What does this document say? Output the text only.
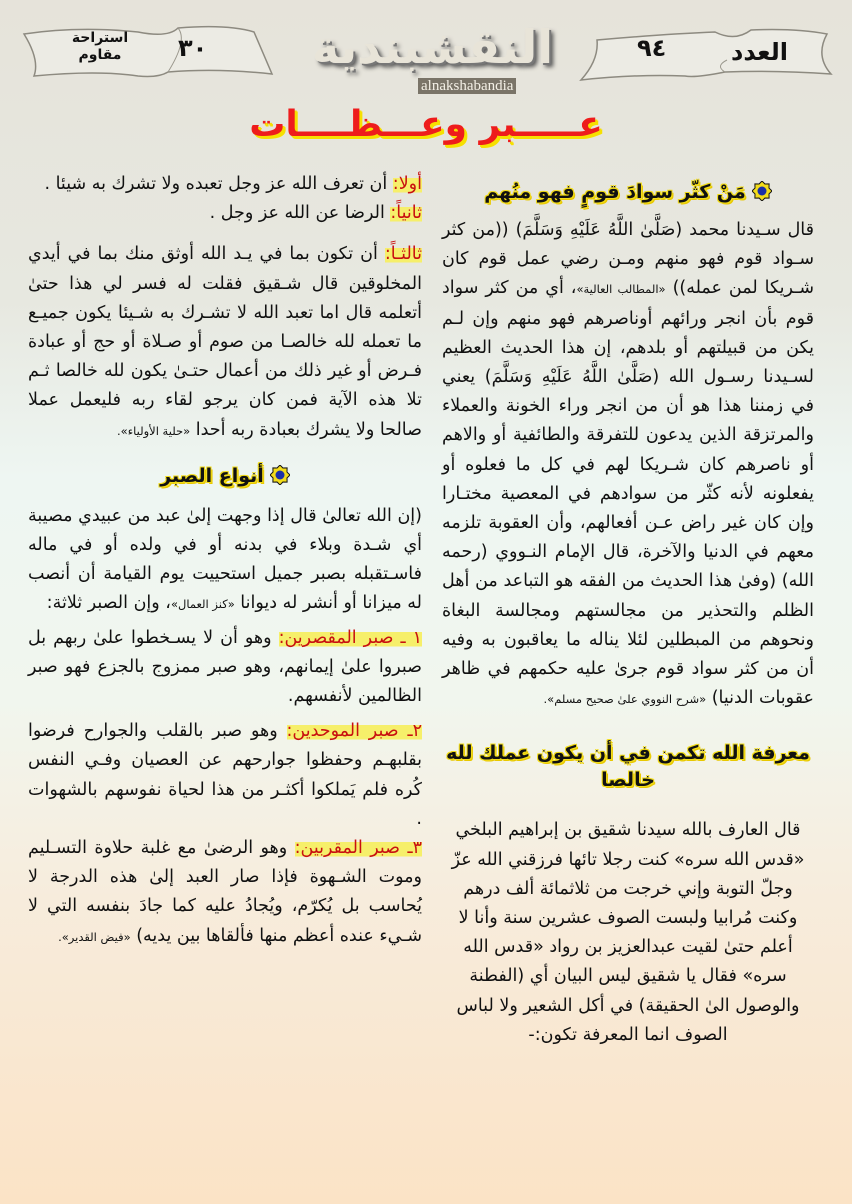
استراحة
مقاوم	٣٠ النقشبندية
alnakshabandia
٩٤	العدد
عـــــبر وعـــظــــات
مَنْ كثّر سوادَ قومٍ فهو منُهم

قال سـيدنا محمد (صَلَّىٰ اللَّهُ عَلَيْهِ وَسَلَّمَ) ((من كثر سـواد قوم فهو منهم ومـن رضي عمل قوم كان شـريكا لمن عمله)) «المطالب العالية»، أي من كثر سواد قوم بأن انجر ورائهم أوناصرهم فهو منهم وإن لـم يكن من قبيلتهم أو بلدهم، إن هذا الحديث العظيم لسـيدنا رسـول الله (صَلَّىٰ اللَّهُ عَلَيْهِ وَسَلَّمَ) يعني في زمننا هذا هو أن من انجر وراء الخونة والعملاء والمرتزقة الذين يدعون للتفرقة والطائفية أو والاهم أو ناصرهم كان شـريكا لهم في كل ما فعلوه أو يفعلونه لأنه كثّر من سوادهم في المعصية مختـارا وإن كان غير راض عـن أفعالهم، وأن العقوبة تلزمه معهم في الدنيا والآخرة، قال الإمام النـووي (رحمه الله) (وفىٰ هذا الحديث من الفقه هو التباعد من أهل الظلم والتحذير من مجالستهم ومجالسة البغاة ونحوهم من المبطلين لئلا يناله ما يعاقبون به وفيه أن من كثر سواد قوم جرىٰ عليه حكمهم في ظاهر عقوبات الدنيا) «شرح النووي علىٰ صحيح مسلم».

معرفة الله تكمن في أن يكون عملك لله خالصا

قال العارف بالله سيدنا شقيق بن إبراهيم البلخي «قدس الله سره» كنت رجلا تائها فرزقني الله عزّ وجلّ التوبة وإني خرجت من ثلاثمائة ألف درهم وكنت مُرابيا ولبست الصوف عشرين سنة وأنا لا أعلم حتىٰ لقيت عبدالعزيز بن رواد «قدس الله سره» فقال يا شقيق ليس البيان أي (الفطنة والوصول الىٰ الحقيقة) في أكل الشعير ولا لباس الصوف انما المعرفة تكون:-

أولا: أن تعرف الله عز وجل تعبده ولا تشرك به شيئا .

ثانياً: الرضا عن الله عز وجل .

ثالثـاً: أن تكون بما في يـد الله أوثق منك بما في أيدي المخلوقين قال شـقيق فقلت له فسر لي هذا حتىٰ أتعلمه قال اما تعبد الله لا تشـرك به شـيئا يكون جميـع ما تعمله لله خالصـا من صوم أو صـلاة أو حج أو عبادة فـرض أو غير ذلك من أعمال حتـىٰ يكون لله خالصا ثـم تلا هذه الآية فمن كان يرجو لقاء ربه فليعمل عملا صالحا ولا يشرك بعبادة ربه أحدا «حلية الأولياء».

أنواع الصبر

(إن الله تعالىٰ قال إذا وجهت إلىٰ عبد من عبيدي مصيبة أي شـدة وبلاء في بدنه أو في ولده أو في ماله فاسـتقبله بصبر جميل استحييت يوم القيامة أن أنصب له ميزانا أو أنشر له ديوانا «كنز العمال»، وإن الصبر ثلاثة:

١ ـ صبر المقصرين: وهو أن لا يسـخطوا علىٰ ربهم بل صبروا علىٰ إيمانهم، وهو صبر ممزوج بالجزع فهو صبر الظالمين لأنفسهم.

٢ـ صبر الموحدين: وهو صبر بالقلب والجوارح فرضوا بقلبهـم وحفظوا جوارحهم عن العصيان وفـي النفس كُره فلم يَملكوا أكثـر من هذا لحياة نفوسهم بالشهوات .

٣ـ صبر المقربين: وهو الرضىٰ مع غلبة حلاوة التسـليم وموت الشـهوة فإذا صار العبد إلىٰ هذه الدرجة لا يُحاسب بل يُكرّم، ويُجادُ عليه كما جادَ بنفسه التي لا شـيء عنده أعظم منها فألقاها بين يديه) «فيض القدير».
